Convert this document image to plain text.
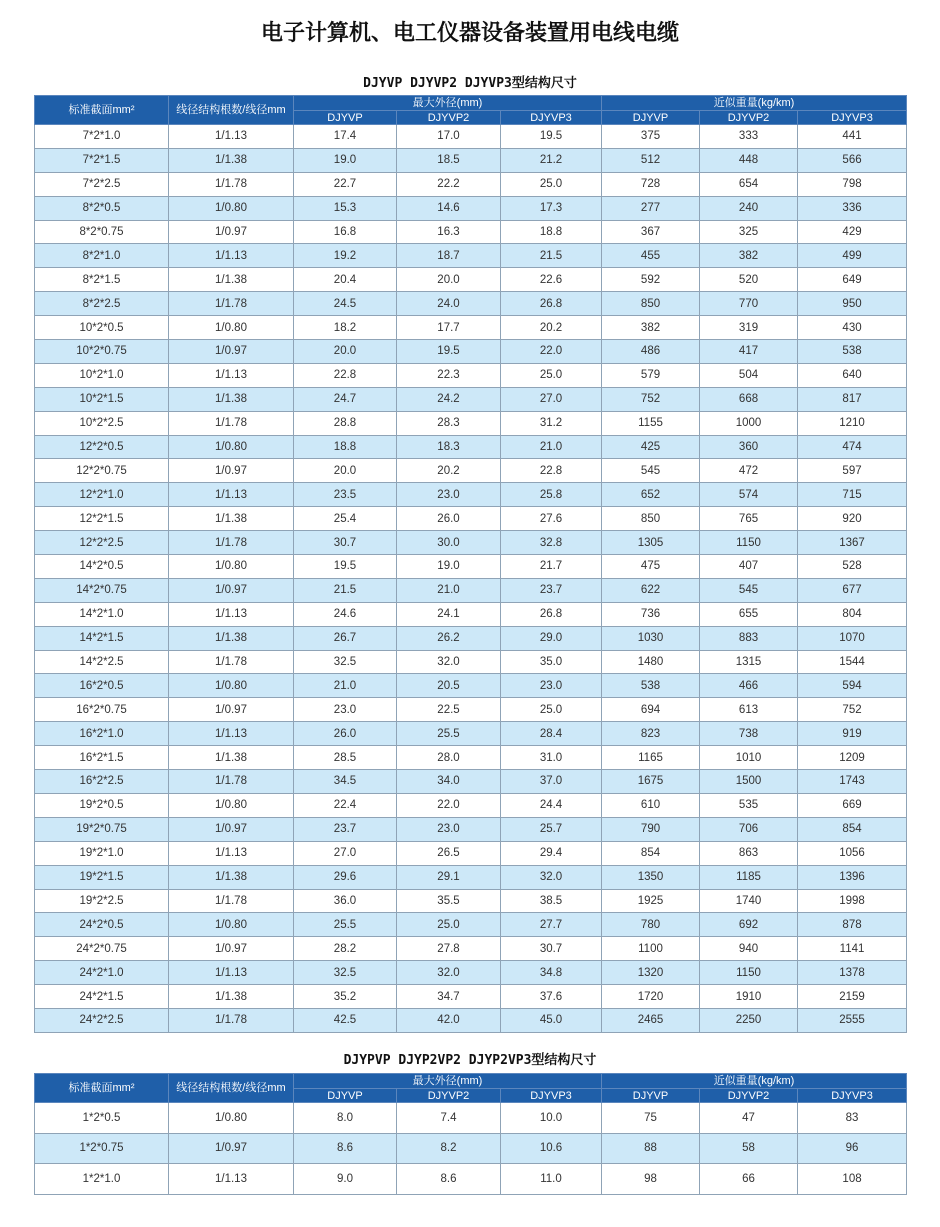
电子计算机、电工仪器设备装置用电线电缆
DJYVP DJYVP2 DJYVP3型结构尺寸
标准截面mm²	线径结构根数/线径mm	最大外径(mm)			近似重量(kg/km)		
		DJYVP	DJYVP2	DJYVP3	DJYVP	DJYVP2	DJYVP3
7*2*1.0	1/1.13	17.4	17.0	19.5	375	333	441
7*2*1.5	1/1.38	19.0	18.5	21.2	512	448	566
7*2*2.5	1/1.78	22.7	22.2	25.0	728	654	798
8*2*0.5	1/0.80	15.3	14.6	17.3	277	240	336
8*2*0.75	1/0.97	16.8	16.3	18.8	367	325	429
8*2*1.0	1/1.13	19.2	18.7	21.5	455	382	499
8*2*1.5	1/1.38	20.4	20.0	22.6	592	520	649
8*2*2.5	1/1.78	24.5	24.0	26.8	850	770	950
10*2*0.5	1/0.80	18.2	17.7	20.2	382	319	430
10*2*0.75	1/0.97	20.0	19.5	22.0	486	417	538
10*2*1.0	1/1.13	22.8	22.3	25.0	579	504	640
10*2*1.5	1/1.38	24.7	24.2	27.0	752	668	817
10*2*2.5	1/1.78	28.8	28.3	31.2	1155	1000	1210
12*2*0.5	1/0.80	18.8	18.3	21.0	425	360	474
12*2*0.75	1/0.97	20.0	20.2	22.8	545	472	597
12*2*1.0	1/1.13	23.5	23.0	25.8	652	574	715
12*2*1.5	1/1.38	25.4	26.0	27.6	850	765	920
12*2*2.5	1/1.78	30.7	30.0	32.8	1305	1150	1367
14*2*0.5	1/0.80	19.5	19.0	21.7	475	407	528
14*2*0.75	1/0.97	21.5	21.0	23.7	622	545	677
14*2*1.0	1/1.13	24.6	24.1	26.8	736	655	804
14*2*1.5	1/1.38	26.7	26.2	29.0	1030	883	1070
14*2*2.5	1/1.78	32.5	32.0	35.0	1480	1315	1544
16*2*0.5	1/0.80	21.0	20.5	23.0	538	466	594
16*2*0.75	1/0.97	23.0	22.5	25.0	694	613	752
16*2*1.0	1/1.13	26.0	25.5	28.4	823	738	919
16*2*1.5	1/1.38	28.5	28.0	31.0	1165	1010	1209
16*2*2.5	1/1.78	34.5	34.0	37.0	1675	1500	1743
19*2*0.5	1/0.80	22.4	22.0	24.4	610	535	669
19*2*0.75	1/0.97	23.7	23.0	25.7	790	706	854
19*2*1.0	1/1.13	27.0	26.5	29.4	854	863	1056
19*2*1.5	1/1.38	29.6	29.1	32.0	1350	1185	1396
19*2*2.5	1/1.78	36.0	35.5	38.5	1925	1740	1998
24*2*0.5	1/0.80	25.5	25.0	27.7	780	692	878
24*2*0.75	1/0.97	28.2	27.8	30.7	1100	940	1141
24*2*1.0	1/1.13	32.5	32.0	34.8	1320	1150	1378
24*2*1.5	1/1.38	35.2	34.7	37.6	1720	1910	2159
24*2*2.5	1/1.78	42.5	42.0	45.0	2465	2250	2555
DJYPVP DJYP2VP2 DJYP2VP3型结构尺寸
标准截面mm²	线径结构根数/线径mm	最大外径(mm)			近似重量(kg/km)		
		DJYVP	DJYVP2	DJYVP3	DJYVP	DJYVP2	DJYVP3
1*2*0.5	1/0.80	8.0	7.4	10.0	75	47	83
1*2*0.75	1/0.97	8.6	8.2	10.6	88	58	96
1*2*1.0	1/1.13	9.0	8.6	11.0	98	66	108
